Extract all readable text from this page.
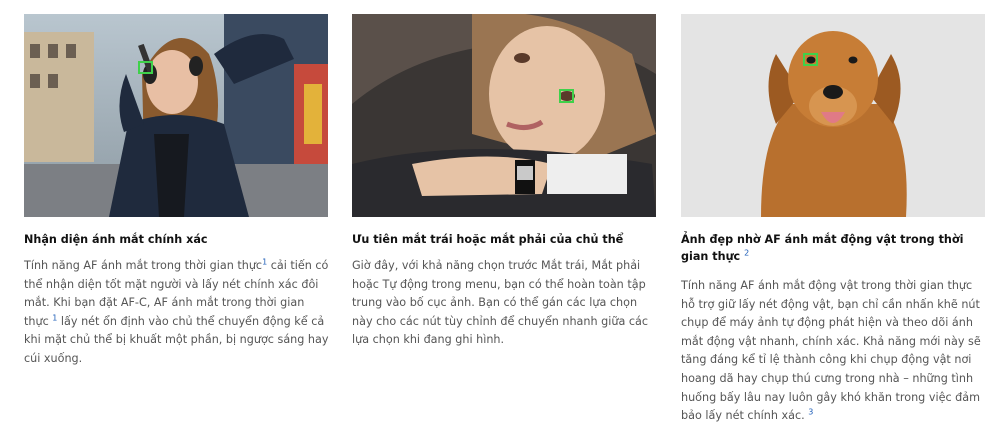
Nhận diện ánh mắt chính xác
Tính năng AF ánh mắt trong thời gian thực$^1$ cải tiến có thể nhận diện tốt mặt người và lấy nét chính xác đôi mắt. Khi bạn đặt AF-C, AF ánh mắt trong thời gian thực $^1$ lấy nét ổn định vào chủ thể chuyển động kể cả khi mặt chủ thể bị khuất một phần, bị ngược sáng hay cúi xuống.
Ưu tiên mắt trái hoặc mắt phải của chủ thể
Giờ đây, với khả năng chọn trước Mắt trái, Mắt phải hoặc Tự động trong menu, bạn có thể hoàn toàn tập trung vào bố cục ảnh. Bạn có thể gán các lựa chọn này cho các nút tùy chỉnh để chuyển nhanh giữa các lựa chọn khi đang ghi hình.
Ảnh đẹp nhờ AF ánh mắt động vật trong thời gian thực $^2$
Tính năng AF ánh mắt động vật trong thời gian thực hỗ trợ giữ lấy nét động vật, bạn chỉ cần nhấn khẽ nút chụp để máy ảnh tự động phát hiện và theo dõi ánh mắt động vật nhanh, chính xác. Khả năng mới này sẽ tăng đáng kể tỉ lệ thành công khi chụp động vật nơi hoang dã hay chụp thú cưng trong nhà – những tình huống bấy lâu nay luôn gây khó khăn trong việc đảm bảo lấy nét chính xác. $^3$
